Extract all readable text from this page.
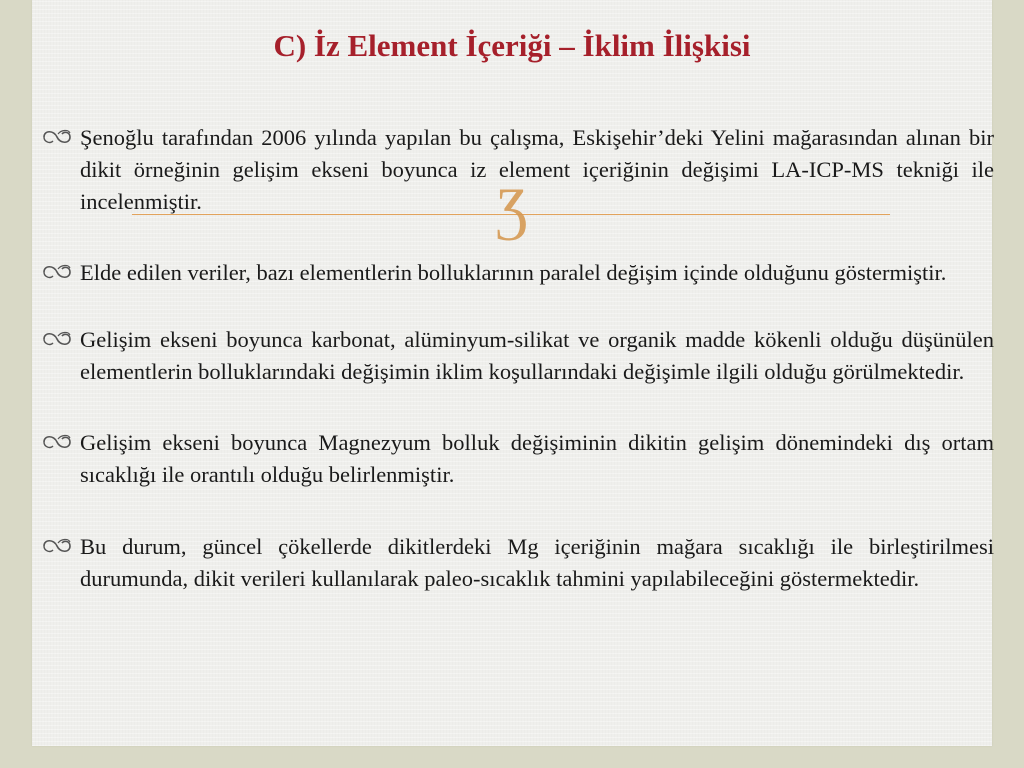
C) İz Element İçeriği – İklim İlişkisi
Ʒ
Şenoğlu tarafından 2006 yılında yapılan bu çalışma, Eskişehir’deki Yelini mağarasından alınan bir dikit örneğinin gelişim ekseni boyunca iz element içeriğinin değişimi LA-ICP-MS tekniği ile incelenmiştir.
Elde edilen veriler, bazı elementlerin bolluklarının paralel değişim içinde olduğunu göstermiştir.
Gelişim ekseni boyunca karbonat, alüminyum-silikat ve organik madde kökenli olduğu düşünülen elementlerin bolluklarındaki değişimin iklim koşullarındaki değişimle ilgili olduğu görülmektedir.
Gelişim ekseni boyunca Magnezyum bolluk değişiminin dikitin gelişim dönemindeki dış ortam sıcaklığı ile orantılı olduğu belirlenmiştir.
Bu durum, güncel çökellerde dikitlerdeki Mg içeriğinin mağara sıcaklığı ile birleştirilmesi durumunda, dikit verileri kullanılarak paleo-sıcaklık tahmini yapılabileceğini göstermektedir.
